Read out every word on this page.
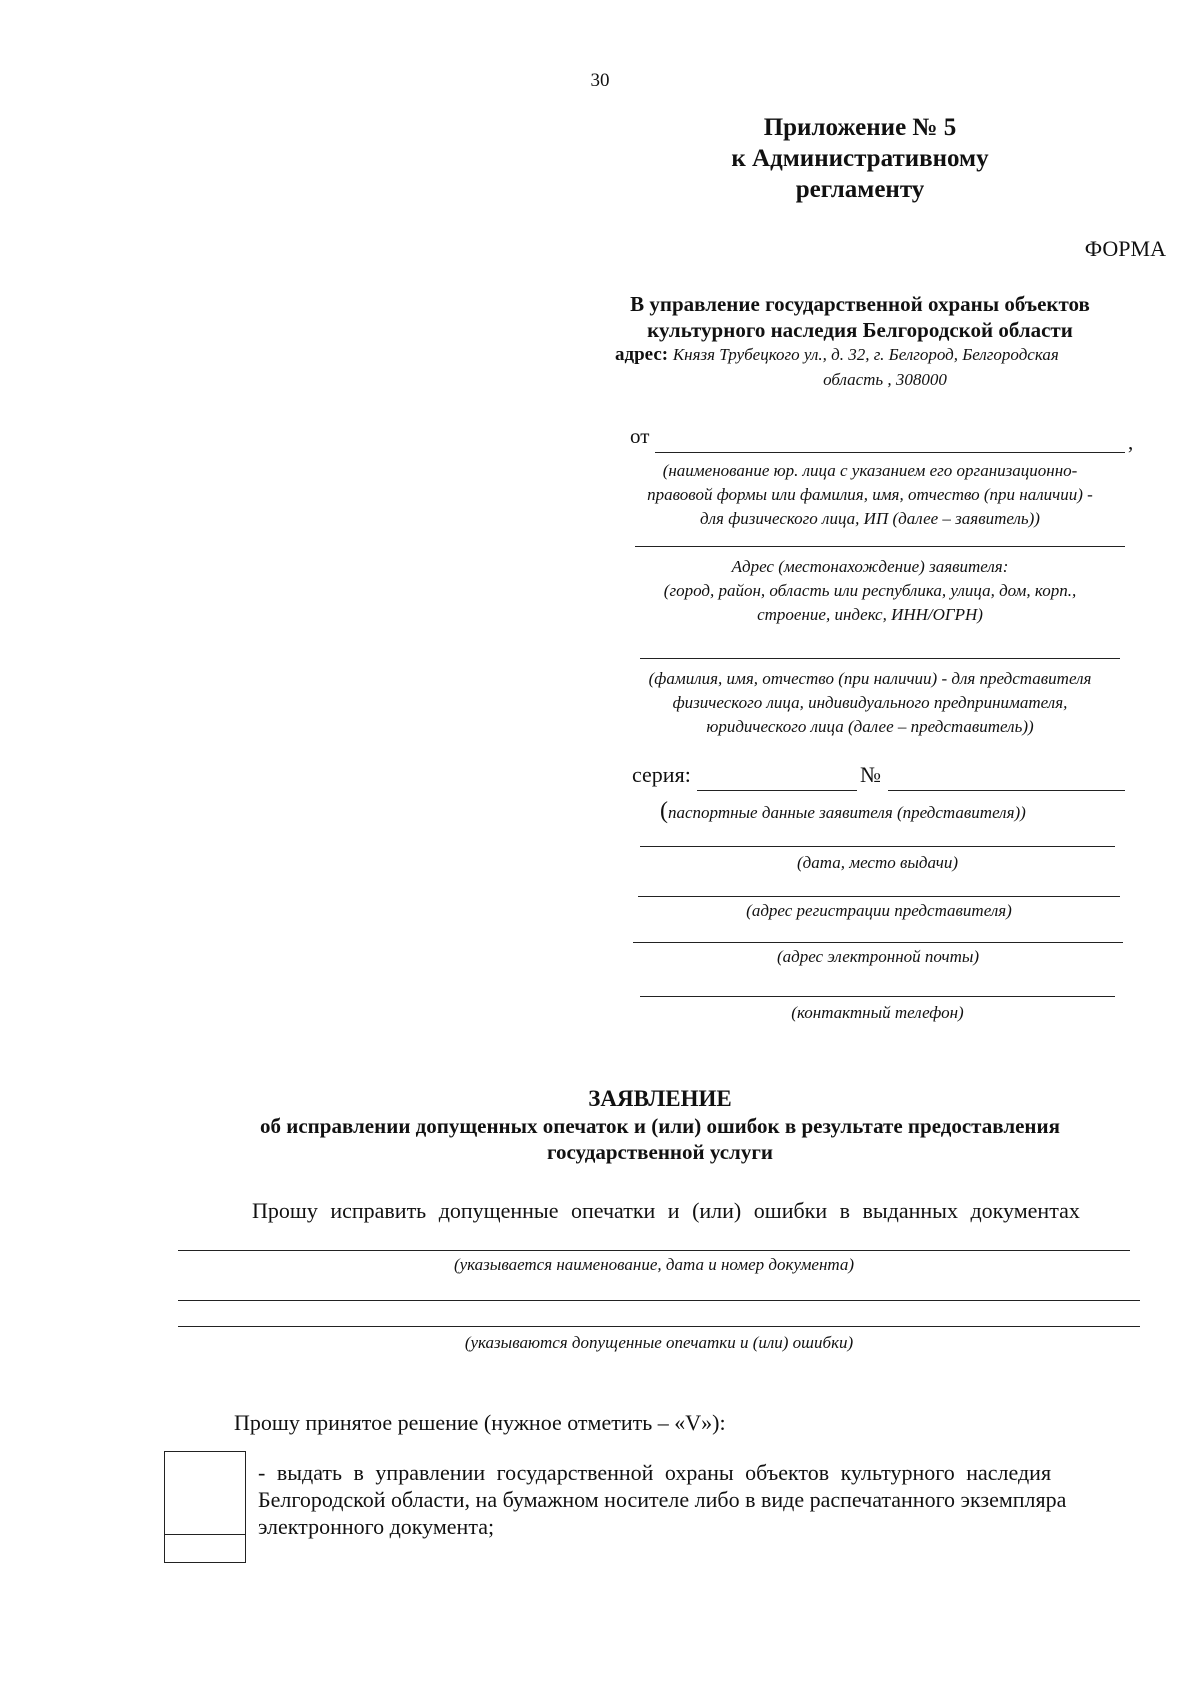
30
Приложение № 5
к Административному
регламенту
ФОРМА
В управление государственной охраны объектов
культурного наследия Белгородской области
адрес: Князя Трубецкого ул., д. 32, г. Белгород, Белгородская
область , 308000
от	,
(наименование юр. лица с указанием его организационно-
правовой формы или фамилия, имя, отчество (при наличии) -
для физического лица, ИП (далее – заявитель))
Адрес (местонахождение) заявителя:
(город, район, область или республика, улица, дом, корп.,
строение, индекс, ИНН/ОГРН)
(фамилия, имя, отчество (при наличии) - для представителя
физического лица, индивидуального предпринимателя,
юридического лица (далее – представитель))
серия:	№
(паспортные данные заявителя (представителя))
(дата, место выдачи)
(адрес регистрации представителя)
(адрес электронной почты)
(контактный телефон)
ЗАЯВЛЕНИЕ
об исправлении допущенных опечаток и (или) ошибок в результате предоставления
государственной услуги
Прошу исправить допущенные опечатки и (или) ошибки в выданных документах
(указывается наименование, дата и номер документа)
(указываются допущенные опечатки и (или) ошибки)
Прошу принятое решение (нужное отметить – «V»):
- выдать в управлении государственной охраны объектов культурного наследия
Белгородской области, на бумажном носителе либо в виде распечатанного экземпляра
электронного документа;
